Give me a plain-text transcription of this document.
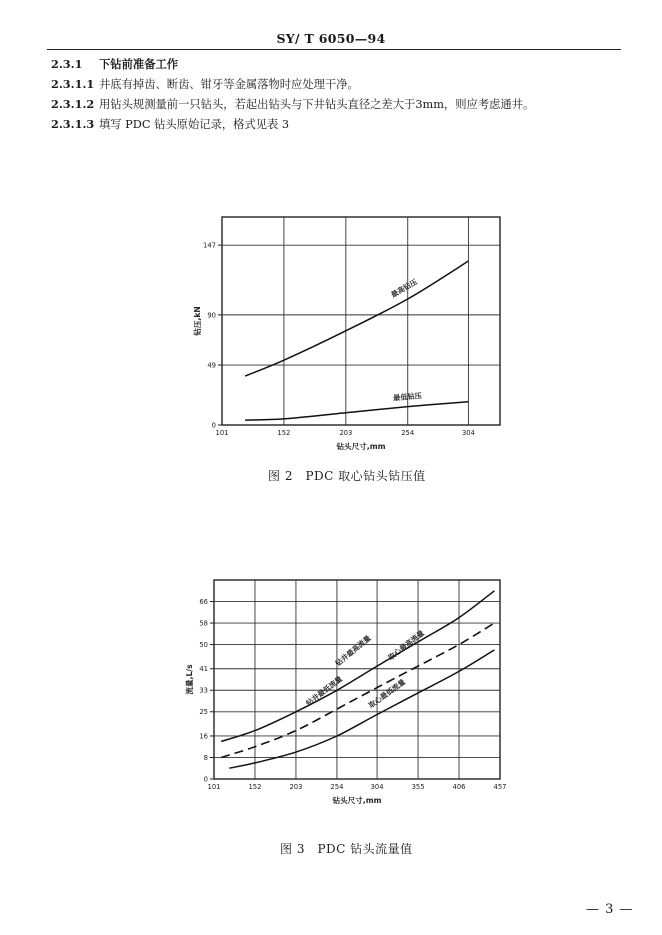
SY/ T 6050—94
2.3.1 下钻前准备工作
2.3.1.1 井底有掉齿、断齿、钳牙等金属落物时应处理干净。
2.3.1.2 用钻头规测量前一只钻头，若起出钻头与下井钻头直径之差大于3mm，则应考虑通井。
2.3.1.3 填写 PDC 钻头原始记录，格式见表 3
0
49
90
147
101	152	203	254	304
钻头尺寸,mm
钻压,kN
最高钻压
最低钻压
图 2　PDC 取心钻头钻压值
0
8
16
25
33
41
50
58
66
101	152	203	254	304	355	406	457
钻头尺寸,mm
流量,L/s
钻井最高流量 取心最高流量
钻井最低流量	取心最低流量
图 3　PDC 钻头流量值
— 3 —
